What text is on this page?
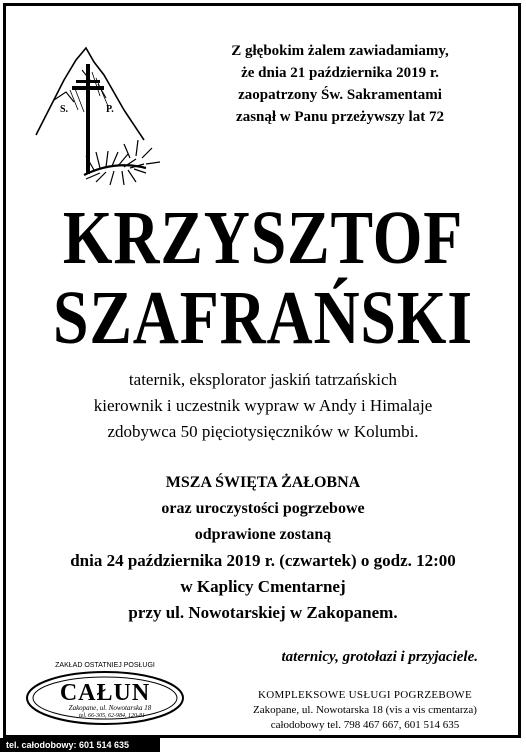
S.	P.
Z głębokim żalem zawiadamiamy,
że dnia 21 października 2019 r.
zaopatrzony Św. Sakramentami
zasnął w Panu przeżywszy lat 72
KRZYSZTOF
SZAFRAŃSKI
taternik, eksplorator jaskiń tatrzańskich
kierownik i uczestnik wypraw w Andy i Himalaje
zdobywca 50 pięciotysięczników w Kolumbi.
MSZA ŚWIĘTA ŻAŁOBNA
oraz uroczystości pogrzebowe
odprawione zostaną
dnia 24 października 2019 r. (czwartek) o godz. 12:00
w Kaplicy Cmentarnej
przy ul. Nowotarskiej w Zakopanem.
taternicy, grotołazi i przyjaciele.
ZAKŁAD OSTATNIEJ POSŁUGI
CAŁUN
Zakopane, ul. Nowotarska 18
tel. 66-305, 62-984, 120-81
KOMPLEKSOWE USŁUGI POGRZEBOWE
Zakopane, ul. Nowotarska 18 (vis a vis cmentarza)
całodobowy tel. 798 467 667, 601 514 635
tel. całodobowy: 601 514 635
